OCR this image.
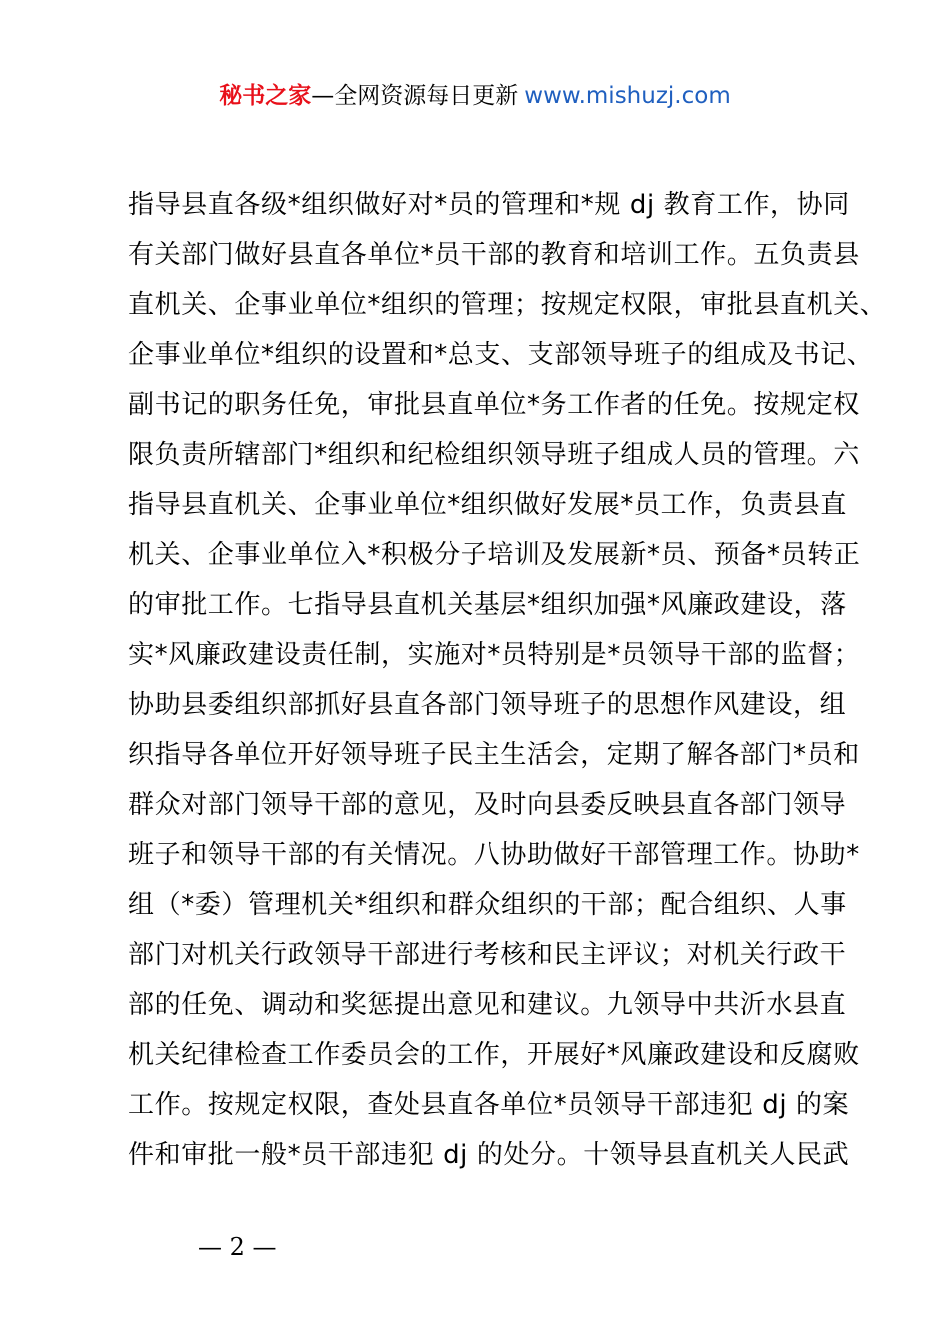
秘书之家—全网资源每日更新 www.mishuzj.com
指导县直各级*组织做好对*员的管理和*规 dj 教育工作，协同
有关部门做好县直各单位*员干部的教育和培训工作。五负责县
直机关、企事业单位*组织的管理；按规定权限，审批县直机关、
企事业单位*组织的设置和*总支、支部领导班子的组成及书记、
副书记的职务任免，审批县直单位*务工作者的任免。按规定权
限负责所辖部门*组织和纪检组织领导班子组成人员的管理。六
指导县直机关、企事业单位*组织做好发展*员工作，负责县直
机关、企事业单位入*积极分子培训及发展新*员、预备*员转正
的审批工作。七指导县直机关基层*组织加强*风廉政建设，落
实*风廉政建设责任制，实施对*员特别是*员领导干部的监督；
协助县委组织部抓好县直各部门领导班子的思想作风建设，组
织指导各单位开好领导班子民主生活会，定期了解各部门*员和
群众对部门领导干部的意见，及时向县委反映县直各部门领导
班子和领导干部的有关情况。八协助做好干部管理工作。协助*
组（*委）管理机关*组织和群众组织的干部；配合组织、人事
部门对机关行政领导干部进行考核和民主评议；对机关行政干
部的任免、调动和奖惩提出意见和建议。九领导中共沂水县直
机关纪律检查工作委员会的工作，开展好*风廉政建设和反腐败
工作。按规定权限，查处县直各单位*员领导干部违犯 dj 的案
件和审批一般*员干部违犯 dj 的处分。十领导县直机关人民武
— 2 —
